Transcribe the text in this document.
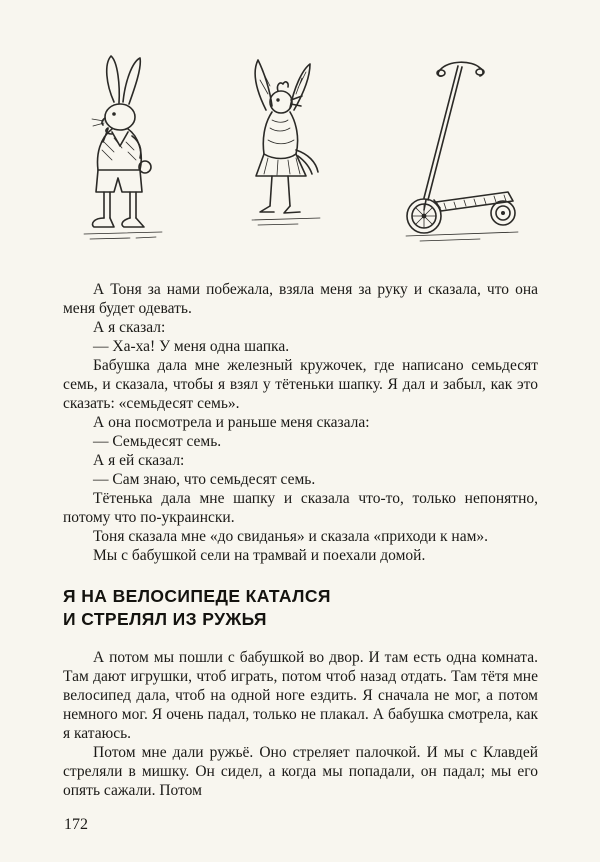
А Тоня за нами побежала, взяла меня за руку и сказала, что она меня будет одевать.

А я сказал:

— Ха-ха! У меня одна шапка.

Бабушка дала мне железный кружочек, где написано семьдесят семь, и сказала, чтобы я взял у тётеньки шапку. Я дал и забыл, как это сказать: «семьдесят семь».

А она посмотрела и раньше меня сказала:

— Семьдесят семь.

А я ей сказал:

— Сам знаю, что семьдесят семь.

Тётенька дала мне шапку и сказала что-то, только непонятно, потому что по-украински.

Тоня сказала мне «до свиданья» и сказала «приходи к нам».

Мы с бабушкой сели на трамвай и поехали домой.

Я НА ВЕЛОСИПЕДЕ КАТАЛСЯ
И СТРЕЛЯЛ ИЗ РУЖЬЯ

А потом мы пошли с бабушкой во двор. И там есть одна комната. Там дают игрушки, чтоб играть, потом чтоб назад отдать. Там тётя мне велосипед дала, чтоб на одной ноге ездить. Я сначала не мог, а потом немного мог. Я очень падал, только не плакал. А бабушка смотрела, как я катаюсь.

Потом мне дали ружьё. Оно стреляет палочкой. И мы с Клавдей стреляли в мишку. Он сидел, а когда мы попадали, он падал; мы его опять сажали. Потом

172
